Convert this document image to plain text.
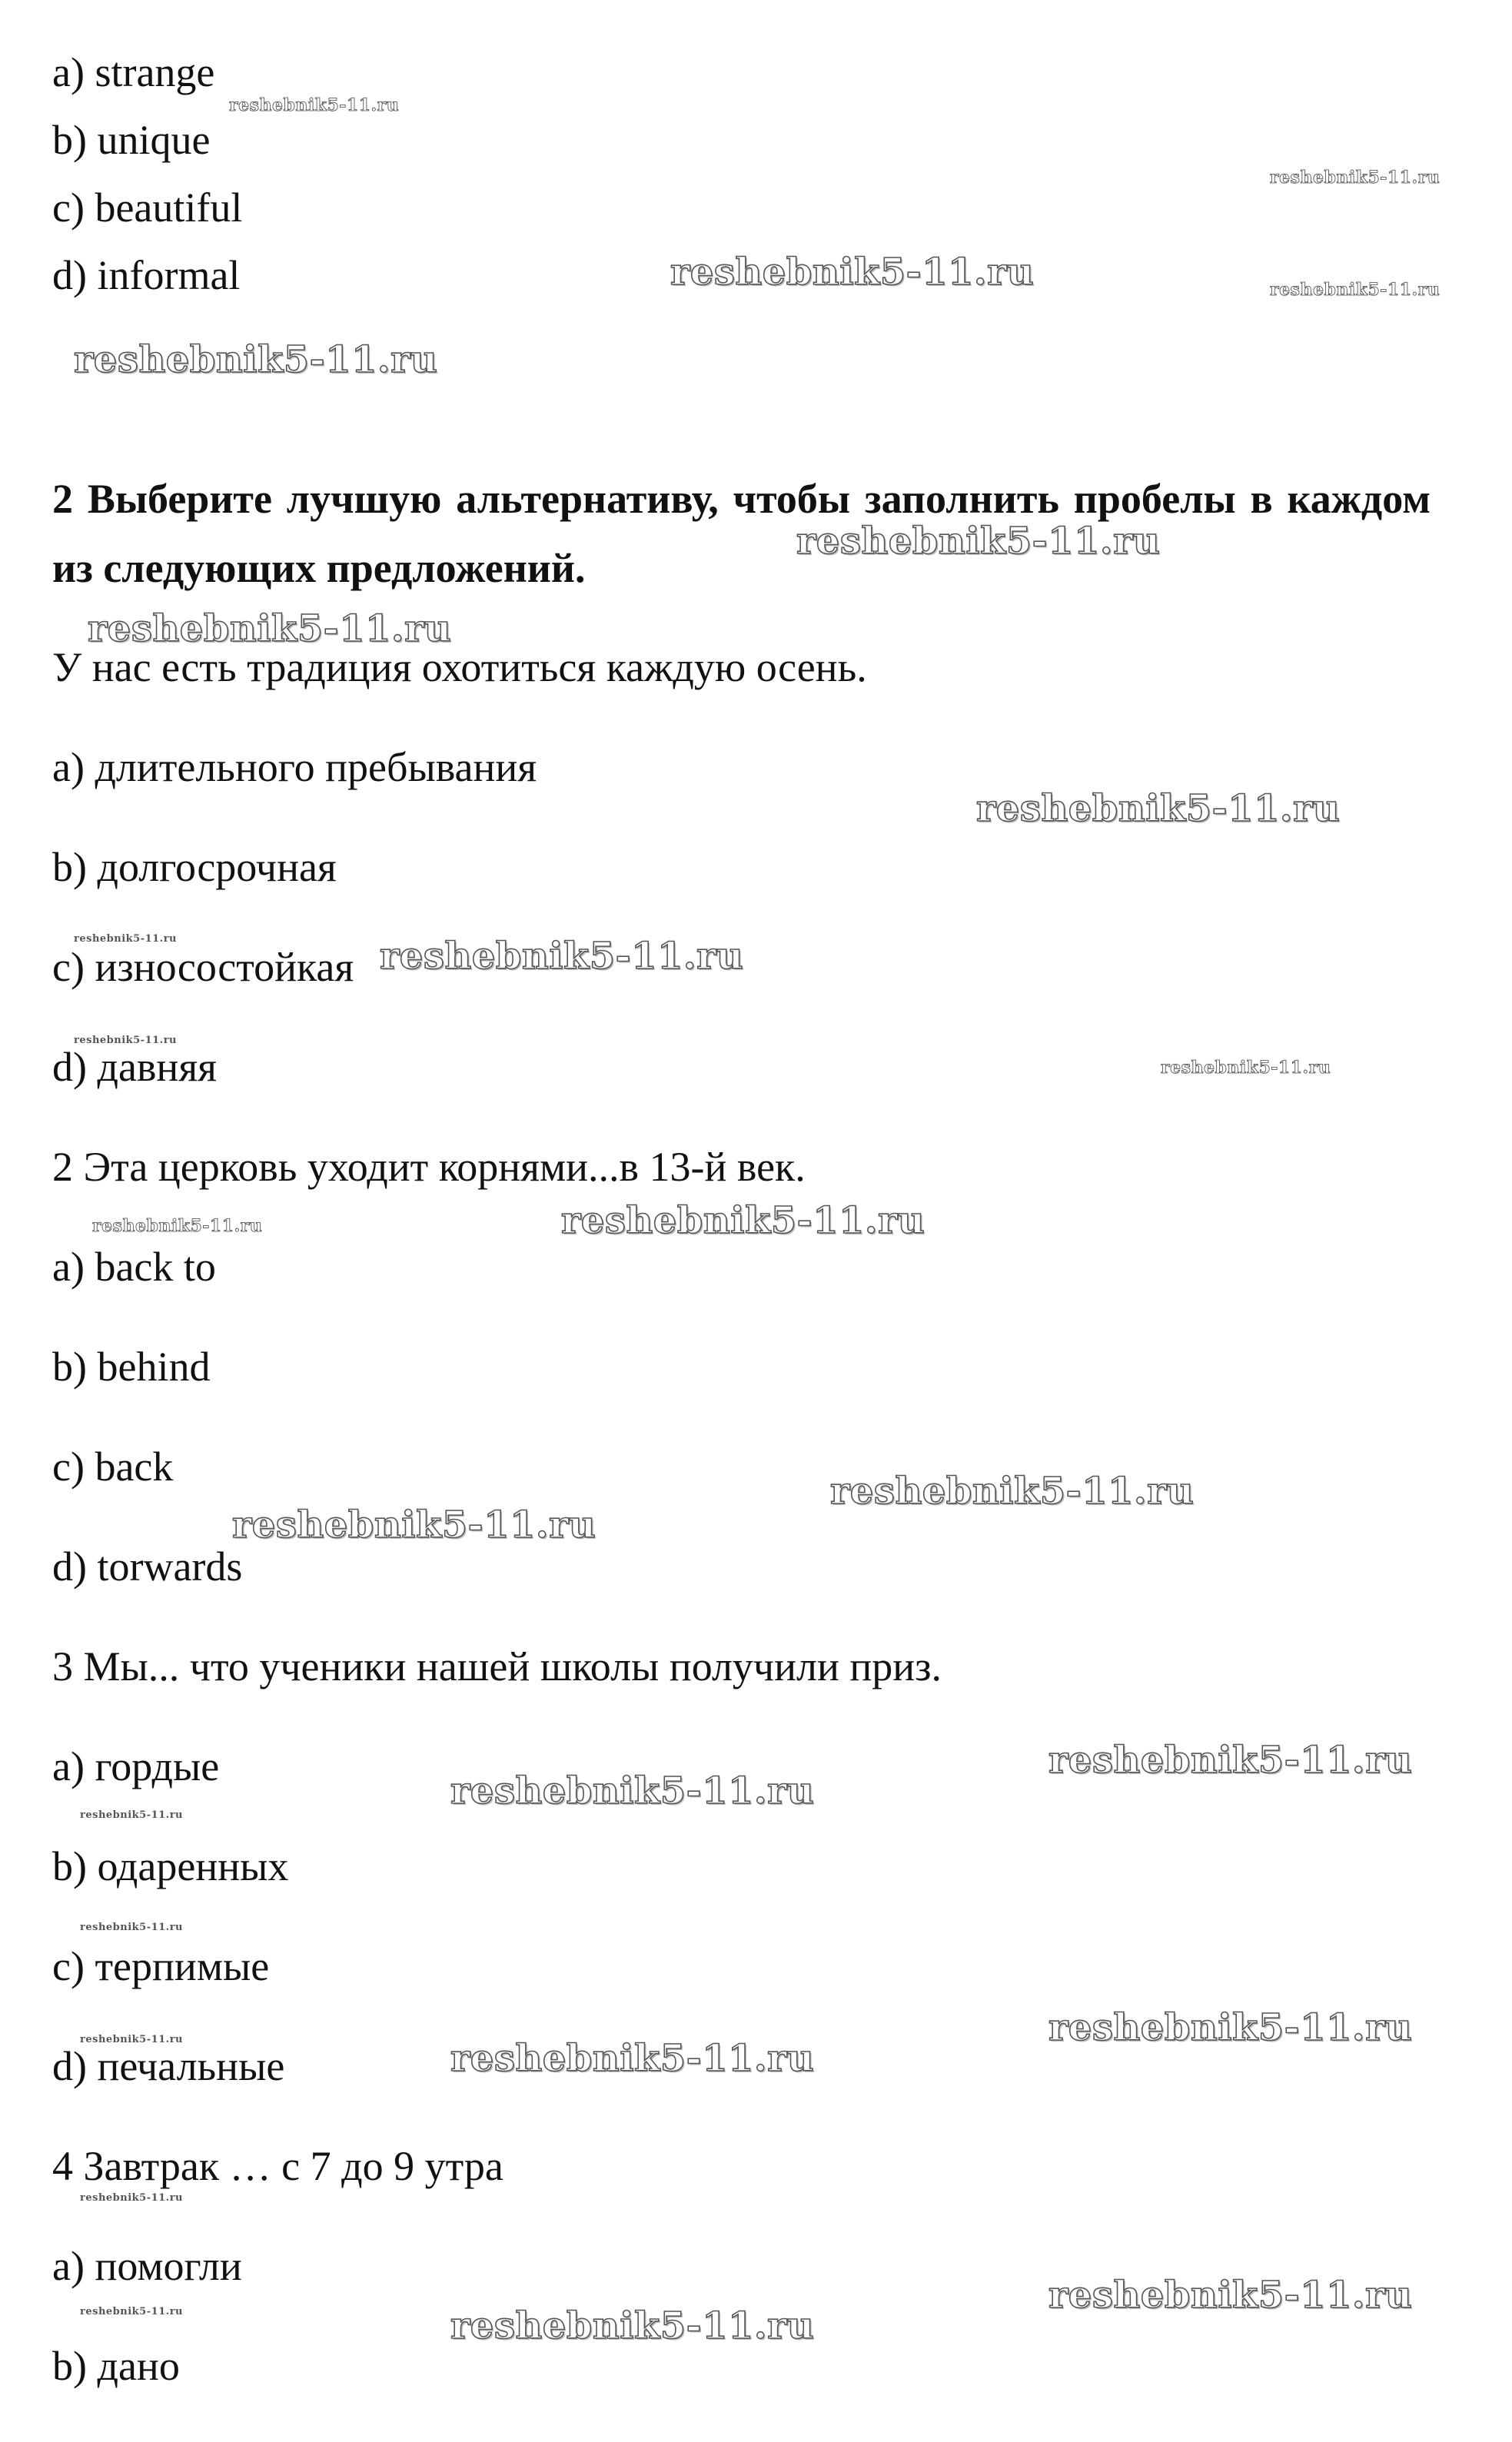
a) strange

b) unique

c) beautiful

d) informal

2 Выберите лучшую альтернативу, чтобы заполнить пробелы в каждом из следующих предложений.

У нас есть традиция охотиться каждую осень.

a) длительного пребывания

b) долгосрочная

c) износостойкая

d) давняя

2 Эта церковь уходит корнями...в 13-й век.

a) back to

b) behind

c) back

d) torwards

3 Мы... что ученики нашей школы получили приз.

a) гордые

b) одаренных

c) терпимые

d) печальные

4 Завтрак … с 7 до 9 утра

a) помогли

b) дано

reshebnik5-11.ru
reshebnik5-11.ru
reshebnik5-11.ru
reshebnik5-11.ru
reshebnik5-11.ru
reshebnik5-11.ru
reshebnik5-11.ru
reshebnik5-11.ru
reshebnik5-11.ru
reshebnik5-11.ru
reshebnik5-11.ru
reshebnik5-11.ru
reshebnik5-11.ru	reshebnik5-11.ru
reshebnik5-11.ru
reshebnik5-11.ru
reshebnik5-11.ru
reshebnik5-11.ru
reshebnik5-11.ru
reshebnik5-11.ru
reshebnik5-11.ru	reshebnik5-11.ru
reshebnik5-11.ru
reshebnik5-11.ru
reshebnik5-11.ru	reshebnik5-11.ru
reshebnik5-11.ru
